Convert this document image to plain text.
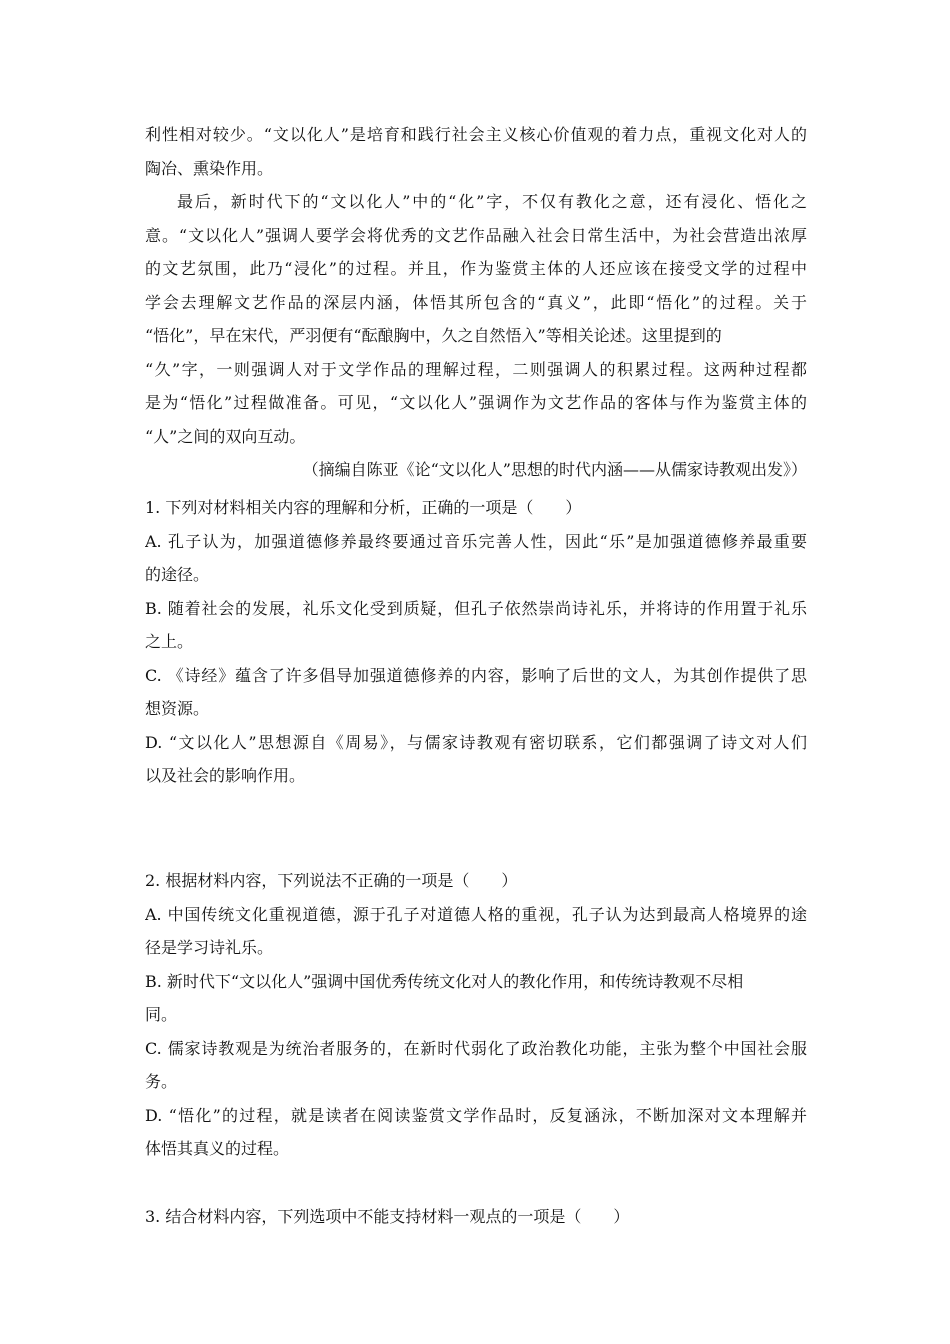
利性相对较少。“文以化人”是培育和践行社会主义核心价值观的着力点，重视文化对人的
陶冶、熏染作用。
最后，新时代下的“文以化人”中的“化”字，不仅有教化之意，还有浸化、悟化之
意。“文以化人”强调人要学会将优秀的文艺作品融入社会日常生活中，为社会营造出浓厚
的文艺氛围，此乃“浸化”的过程。并且，作为鉴赏主体的人还应该在接受文学的过程中
学会去理解文艺作品的深层内涵，体悟其所包含的“真义”，此即“悟化”的过程。关于
“悟化”，早在宋代，严羽便有“酝酿胸中，久之自然悟入”等相关论述。这里提到的
“久”字，一则强调人对于文学作品的理解过程，二则强调人的积累过程。这两种过程都
是为“悟化”过程做准备。可见，“文以化人”强调作为文艺作品的客体与作为鉴赏主体的
“人”之间的双向互动。
（摘编自陈亚《论“文以化人”思想的时代内涵——从儒家诗教观出发》）
1. 下列对材料相关内容的理解和分析，正确的一项是（　　）
A. 孔子认为，加强道德修养最终要通过音乐完善人性，因此“乐”是加强道德修养最重要
的途径。
B. 随着社会的发展，礼乐文化受到质疑，但孔子依然崇尚诗礼乐，并将诗的作用置于礼乐
之上。
C. 《诗经》蕴含了许多倡导加强道德修养的内容，影响了后世的文人，为其创作提供了思
想资源。
D. “文以化人”思想源自《周易》，与儒家诗教观有密切联系，它们都强调了诗文对人们
以及社会的影响作用。
2. 根据材料内容，下列说法不正确的一项是（　　）
A. 中国传统文化重视道德，源于孔子对道德人格的重视，孔子认为达到最高人格境界的途
径是学习诗礼乐。
B. 新时代下“文以化人”强调中国优秀传统文化对人的教化作用，和传统诗教观不尽相
同。
C. 儒家诗教观是为统治者服务的，在新时代弱化了政治教化功能，主张为整个中国社会服
务。
D. “悟化”的过程，就是读者在阅读鉴赏文学作品时，反复涵泳，不断加深对文本理解并
体悟其真义的过程。
3. 结合材料内容，下列选项中不能支持材料一观点的一项是（　　）
